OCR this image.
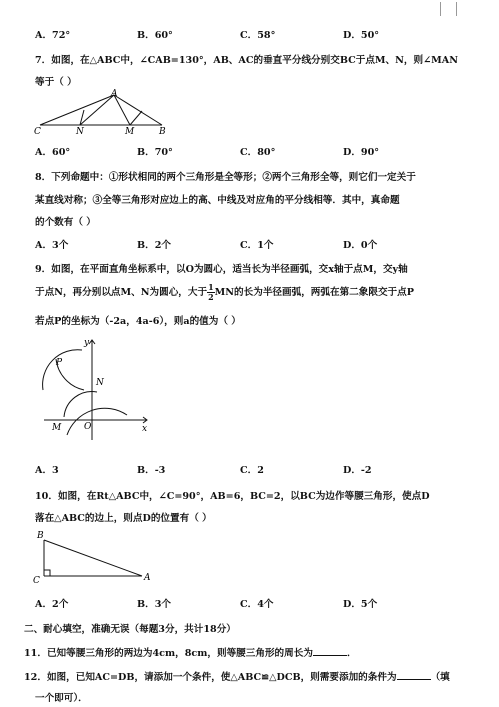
A．72°	B．60°	C．58°	D．50°
7．如图，在△ABC中，∠CAB=130°，AB、AC的垂直平分线分别交BC于点M、N，则∠MAN
等于（ ）
A
C	N	M	B
A．60°	B．70°	C．80°	D．90°
8．下列命题中：①形状相同的两个三角形是全等形；②两个三角形全等，则它们一定关于
某直线对称；③全等三角形对应边上的高、中线及对应角的平分线相等．其中，真命题
的个数有（ ）
A．3个	B．2个	C．1个	D．0个
9．如图，在平面直角坐标系中，以O为圆心，适当长为半径画弧，交x轴于点M，交y轴
于点N，再分别以点M、N为圆心，大于 $\frac{1}{2}$ MN的长为半径画弧，两弧在第二象限交于点P
若点P的坐标为（-2a，4a-6），则a的值为（ ）
y
P
N
M	O	x
A．3	B．-3	C．2	D．-2
10．如图，在Rt△ABC中，∠C=90°，AB=6，BC=2，以BC为边作等腰三角形，使点D
落在△ABC的边上，则点D的位置有（ ）
B
C	A
A．2个	B．3个	C．4个	D．5个
二、耐心填空，准确无误（每题3分，共计18分）
11．已知等腰三角形的两边为4cm，8cm，则等腰三角形的周长为	．
12．如图，已知AC=DB，请添加一个条件，使△ABC≌△DCB，则需要添加的条件为	（填
一个即可）．
